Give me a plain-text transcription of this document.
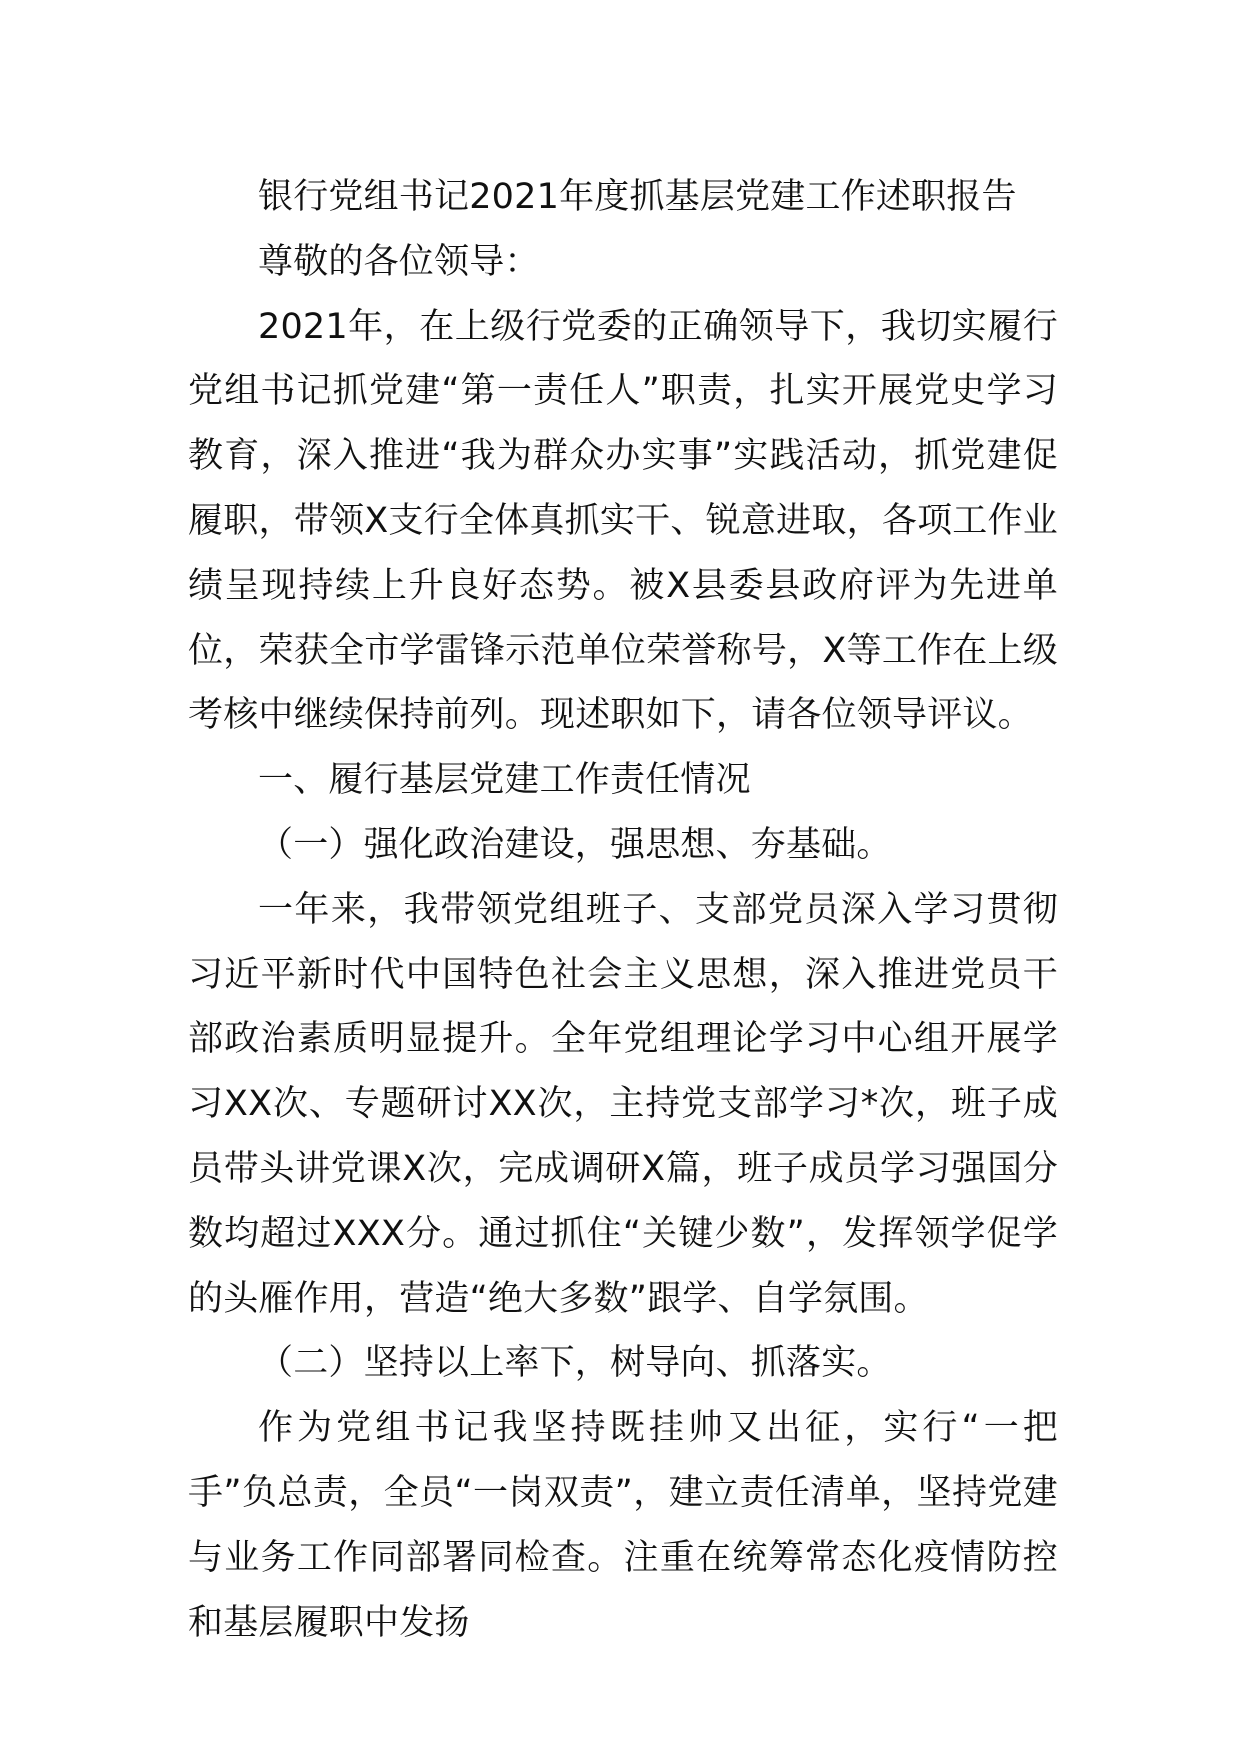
银行党组书记2021年度抓基层党建工作述职报告

尊敬的各位领导：

2021年，在上级行党委的正确领导下，我切实履行党组书记抓党建“第一责任人”职责，扎实开展党史学习教育，深入推进“我为群众办实事”实践活动，抓党建促履职，带领X支行全体真抓实干、锐意进取，各项工作业绩呈现持续上升良好态势。被X县委县政府评为先进单位，荣获全市学雷锋示范单位荣誉称号，X等工作在上级考核中继续保持前列。现述职如下，请各位领导评议。

一、履行基层党建工作责任情况

（一）强化政治建设，强思想、夯基础。

一年来，我带领党组班子、支部党员深入学习贯彻习近平新时代中国特色社会主义思想，深入推进党员干部政治素质明显提升。全年党组理论学习中心组开展学习XX次、专题研讨XX次，主持党支部学习*次，班子成员带头讲党课X次，完成调研X篇，班子成员学习强国分数均超过XXX分。通过抓住“关键少数”，发挥领学促学的头雁作用，营造“绝大多数”跟学、自学氛围。

（二）坚持以上率下，树导向、抓落实。

作为党组书记我坚持既挂帅又出征，实行“一把手”负总责，全员“一岗双责”，建立责任清单，坚持党建与业务工作同部署同检查。注重在统筹常态化疫情防控和基层履职中发扬
